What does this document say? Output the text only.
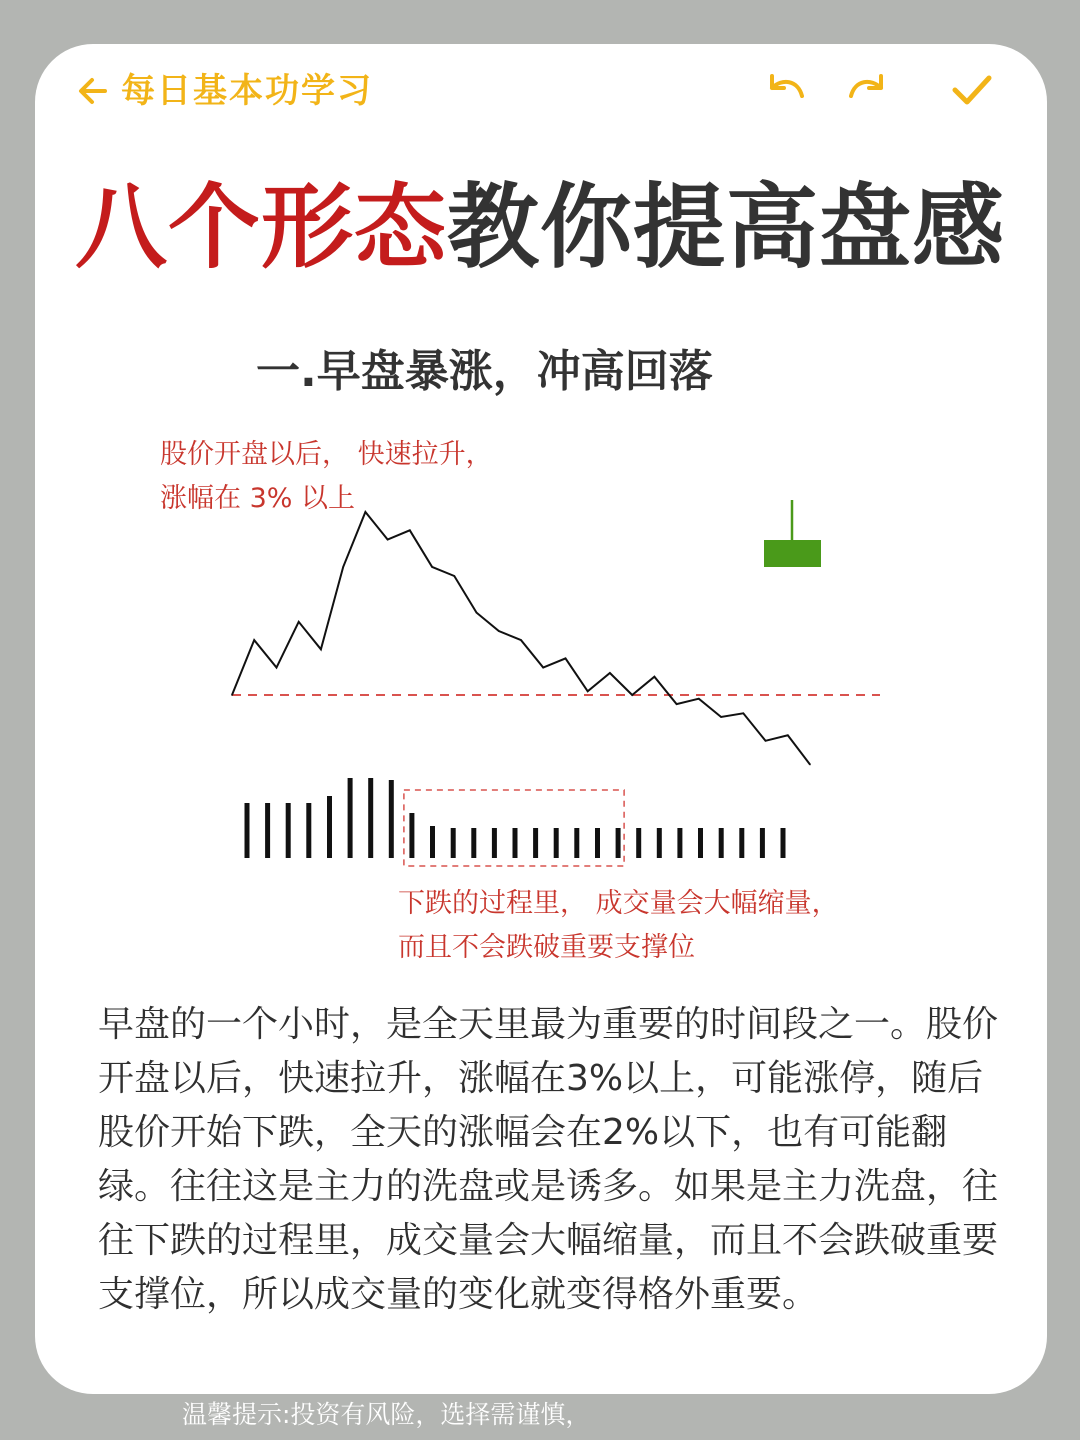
每日基本功学习
八个形态教你提高盘感
一.早盘暴涨，冲高回落
股价开盘以后， 快速拉升，
涨幅在 3% 以上
下跌的过程里， 成交量会大幅缩量，
而且不会跌破重要支撑位

早盘的一个小时，是全天里最为重要的时间段之一。股价开盘以后，快速拉升，涨幅在3%以上，可能涨停，随后股价开始下跌，全天的涨幅会在2%以下，也有可能翻绿。往往这是主力的洗盘或是诱多。如果是主力洗盘，往往下跌的过程里，成交量会大幅缩量，而且不会跌破重要支撑位，所以成交量的变化就变得格外重要。

温馨提示:投资有风险，选择需谨慎，
